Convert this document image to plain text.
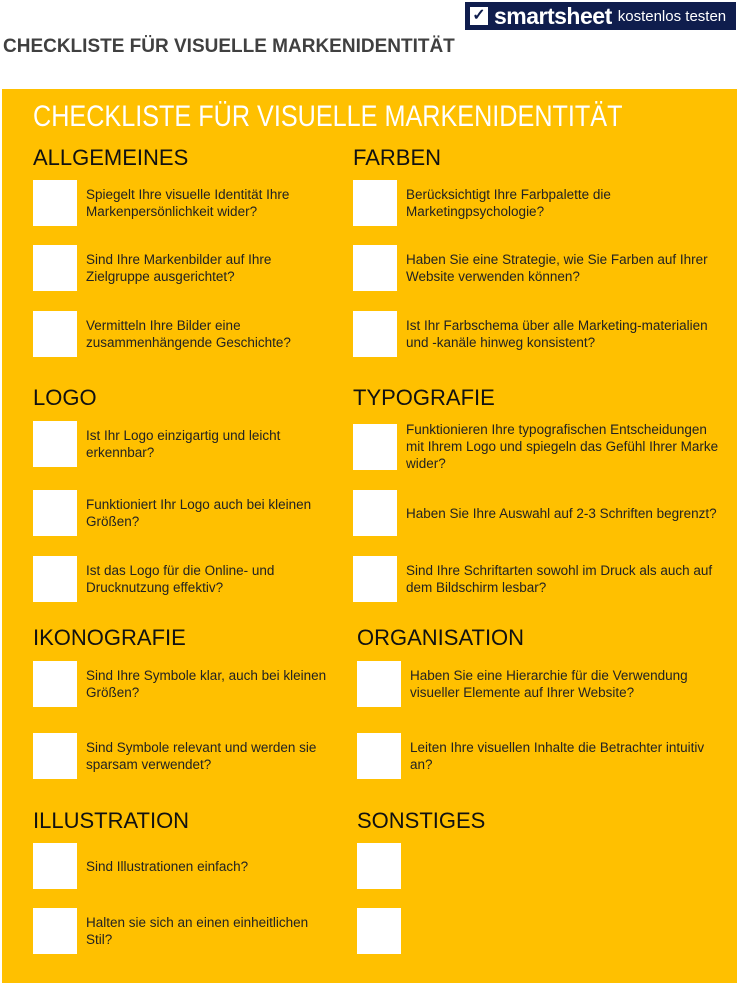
✓ smartsheet kostenlos testen
CHECKLISTE FÜR VISUELLE MARKENIDENTITÄT
CHECKLISTE FÜR VISUELLE MARKENIDENTITÄT
ALLGEMEINES
Spiegelt Ihre visuelle Identität Ihre Markenpersönlichkeit wider?
Sind Ihre Markenbilder auf Ihre Zielgruppe ausgerichtet?
Vermitteln Ihre Bilder eine zusammenhängende Geschichte?
FARBEN
Berücksichtigt Ihre Farbpalette die Marketingpsychologie?
Haben Sie eine Strategie, wie Sie Farben auf Ihrer Website verwenden können?
Ist Ihr Farbschema über alle Marketing-materialien und -kanäle hinweg konsistent?
LOGO
Ist Ihr Logo einzigartig und leicht erkennbar?
Funktioniert Ihr Logo auch bei kleinen Größen?
Ist das Logo für die Online- und Drucknutzung effektiv?
TYPOGRAFIE
Funktionieren Ihre typografischen Entscheidungen mit Ihrem Logo und spiegeln das Gefühl Ihrer Marke wider?
Haben Sie Ihre Auswahl auf 2-3 Schriften begrenzt?
Sind Ihre Schriftarten sowohl im Druck als auch auf dem Bildschirm lesbar?
IKONOGRAFIE
Sind Ihre Symbole klar, auch bei kleinen Größen?
Sind Symbole relevant und werden sie sparsam verwendet?
ORGANISATION
Haben Sie eine Hierarchie für die Verwendung visueller Elemente auf Ihrer Website?
Leiten Ihre visuellen Inhalte die Betrachter intuitiv an?
ILLUSTRATION
Sind Illustrationen einfach?
Halten sie sich an einen einheitlichen Stil?
SONSTIGES
